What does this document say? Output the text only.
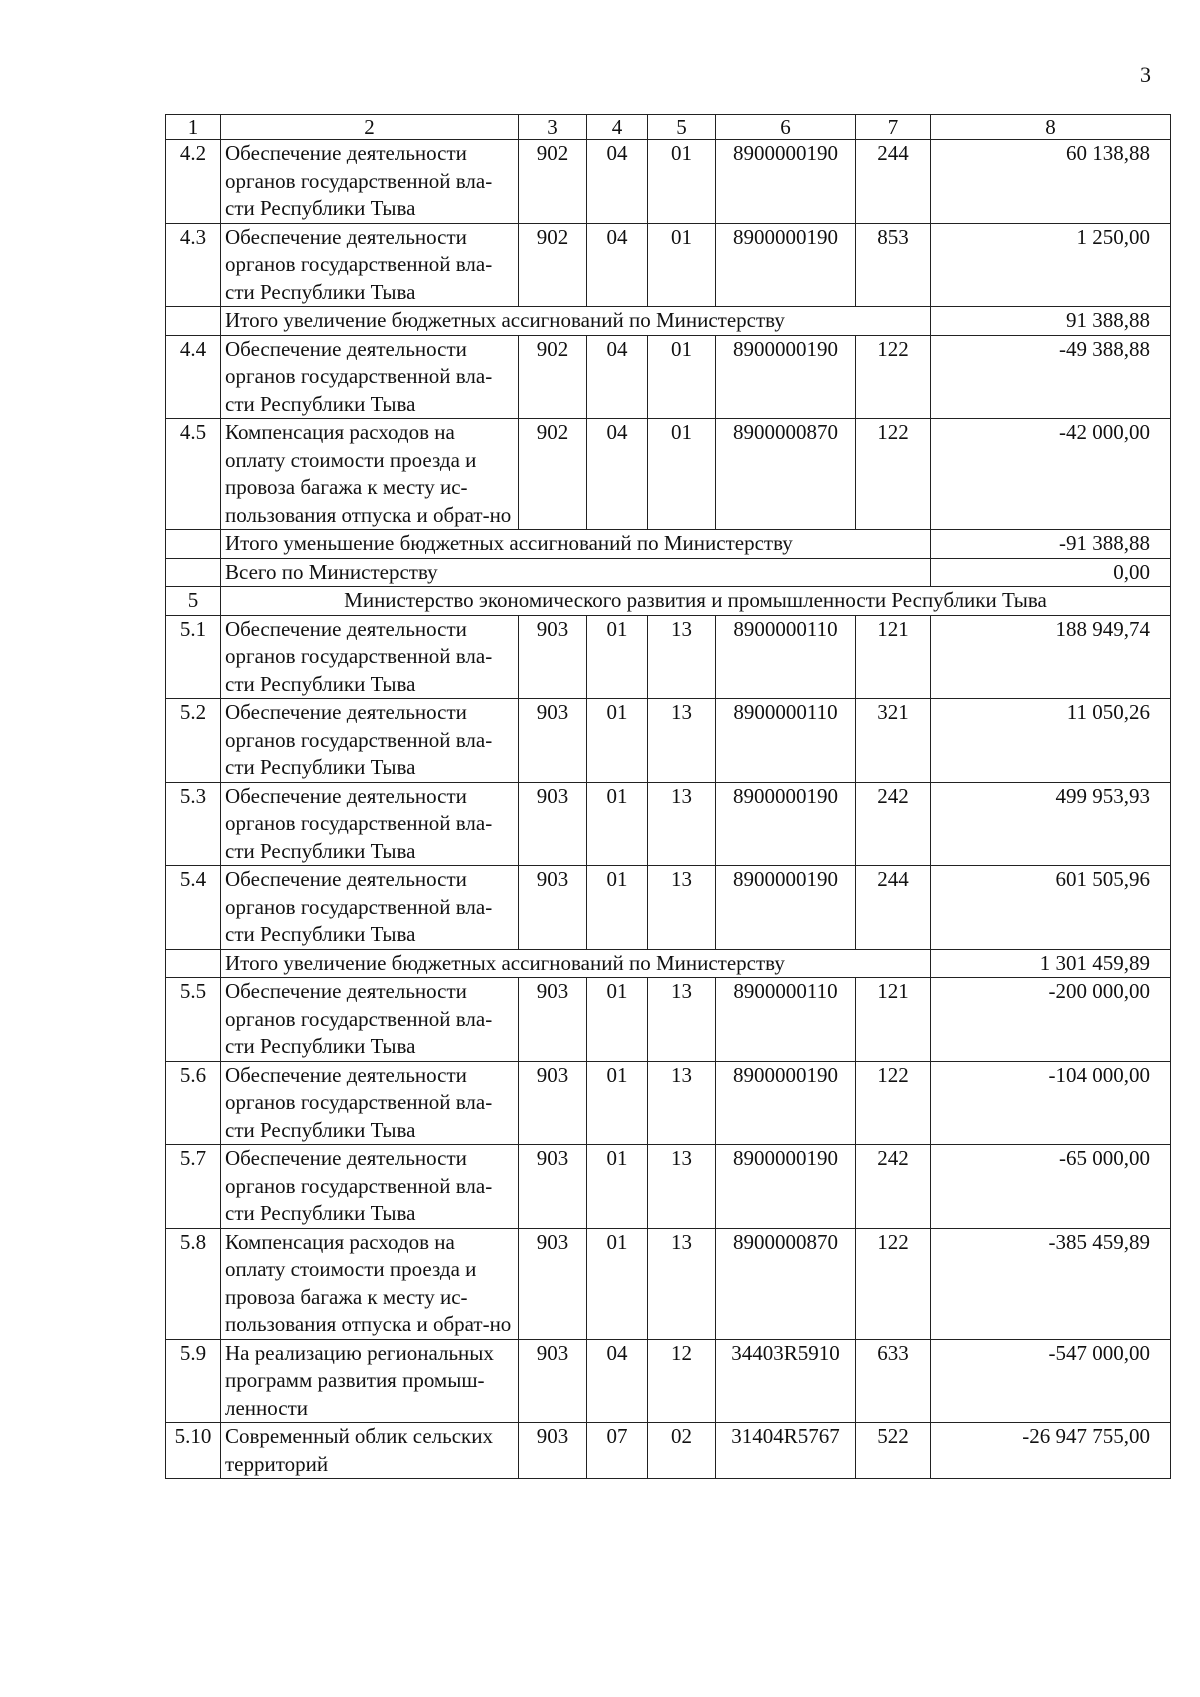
3
1	2	3	4	5	6	7	8
4.2	Обеспечение деятельности органов государственной вла-сти Республики Тыва	902	04	01	8900000190	244	60 138,88
4.3	Обеспечение деятельности органов государственной вла-сти Республики Тыва	902	04	01	8900000190	853	1 250,00
	Итого увеличение бюджетных ассигнований по Министерству						91 388,88
4.4	Обеспечение деятельности органов государственной вла-сти Республики Тыва	902	04	01	8900000190	122	-49 388,88
4.5	Компенсация расходов на оплату стоимости проезда и провоза багажа к месту ис-пользования отпуска и обрат-но	902	04	01	8900000870	122	-42 000,00
	Итого уменьшение бюджетных ассигнований по Министерству						-91 388,88
	Всего по Министерству						0,00
5	Министерство экономического развития и промышленности Республики Тыва						
5.1	Обеспечение деятельности органов государственной вла-сти Республики Тыва	903	01	13	8900000110	121	188 949,74
5.2	Обеспечение деятельности органов государственной вла-сти Республики Тыва	903	01	13	8900000110	321	11 050,26
5.3	Обеспечение деятельности органов государственной вла-сти Республики Тыва	903	01	13	8900000190	242	499 953,93
5.4	Обеспечение деятельности органов государственной вла-сти Республики Тыва	903	01	13	8900000190	244	601 505,96
	Итого увеличение бюджетных ассигнований по Министерству						1 301 459,89
5.5	Обеспечение деятельности органов государственной вла-сти Республики Тыва	903	01	13	8900000110	121	-200 000,00
5.6	Обеспечение деятельности органов государственной вла-сти Республики Тыва	903	01	13	8900000190	122	-104 000,00
5.7	Обеспечение деятельности органов государственной вла-сти Республики Тыва	903	01	13	8900000190	242	-65 000,00
5.8	Компенсация расходов на оплату стоимости проезда и провоза багажа к месту ис-пользования отпуска и обрат-но	903	01	13	8900000870	122	-385 459,89
5.9	На реализацию региональных программ развития промыш-ленности	903	04	12	34403R5910	633	-547 000,00
5.10	Современный облик сельских территорий	903	07	02	31404R5767	522	-26 947 755,00
